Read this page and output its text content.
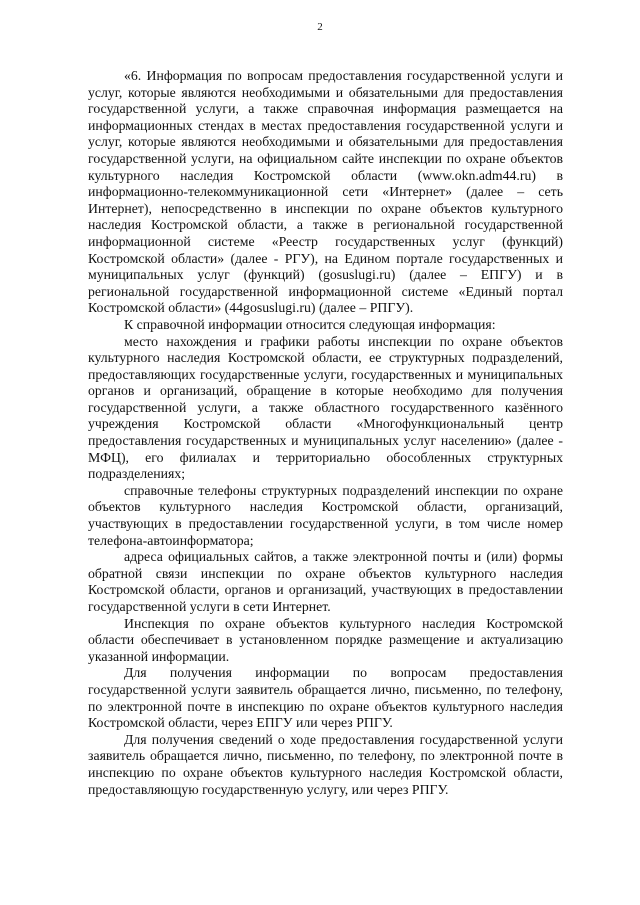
2

«6. Информация по вопросам предоставления государственной услуги и услуг, которые являются необходимыми и обязательными для предоставления государственной услуги, а также справочная информация размещается на информационных стендах в местах предоставления государственной услуги и услуг, которые являются необходимыми и обязательными для предоставления государственной услуги, на официальном сайте инспекции по охране объектов культурного наследия Костромской области (www.okn.adm44.ru) в информационно-телекоммуникационной сети «Интернет» (далее – сеть Интернет), непосредственно в инспекции по охране объектов культурного наследия Костромской области, а также в региональной государственной информационной системе «Реестр государственных услуг (функций) Костромской области» (далее - РГУ), на Едином портале государственных и муниципальных услуг (функций) (gosuslugi.ru) (далее – ЕПГУ) и в региональной государственной информационной системе «Единый портал Костромской области» (44gosuslugi.ru) (далее – РПГУ).

К справочной информации относится следующая информация:

место нахождения и графики работы инспекции по охране объектов культурного наследия Костромской области, ее структурных подразделений, предоставляющих государственные услуги, государственных и муниципальных органов и организаций, обращение в которые необходимо для получения государственной услуги, а также областного государственного казённого учреждения Костромской области «Многофункциональный центр предоставления государственных и муниципальных услуг населению» (далее - МФЦ), его филиалах и территориально обособленных структурных подразделениях;

справочные телефоны структурных подразделений инспекции по охране объектов культурного наследия Костромской области, организаций, участвующих в предоставлении государственной услуги, в том числе номер телефона-автоинформатора;

адреса официальных сайтов, а также электронной почты и (или) формы обратной связи инспекции по охране объектов культурного наследия Костромской области, органов и организаций, участвующих в предоставлении государственной услуги в сети Интернет.

Инспекция по охране объектов культурного наследия Костромской области обеспечивает в установленном порядке размещение и актуализацию указанной информации.

Для получения информации по вопросам предоставления государственной услуги заявитель обращается лично, письменно, по телефону, по электронной почте в инспекцию по охране объектов культурного наследия Костромской области, через ЕПГУ или через РПГУ.

Для получения сведений о ходе предоставления государственной услуги заявитель обращается лично, письменно, по телефону, по электронной почте в инспекцию по охране объектов культурного наследия Костромской области, предоставляющую государственную услугу, или через РПГУ.
